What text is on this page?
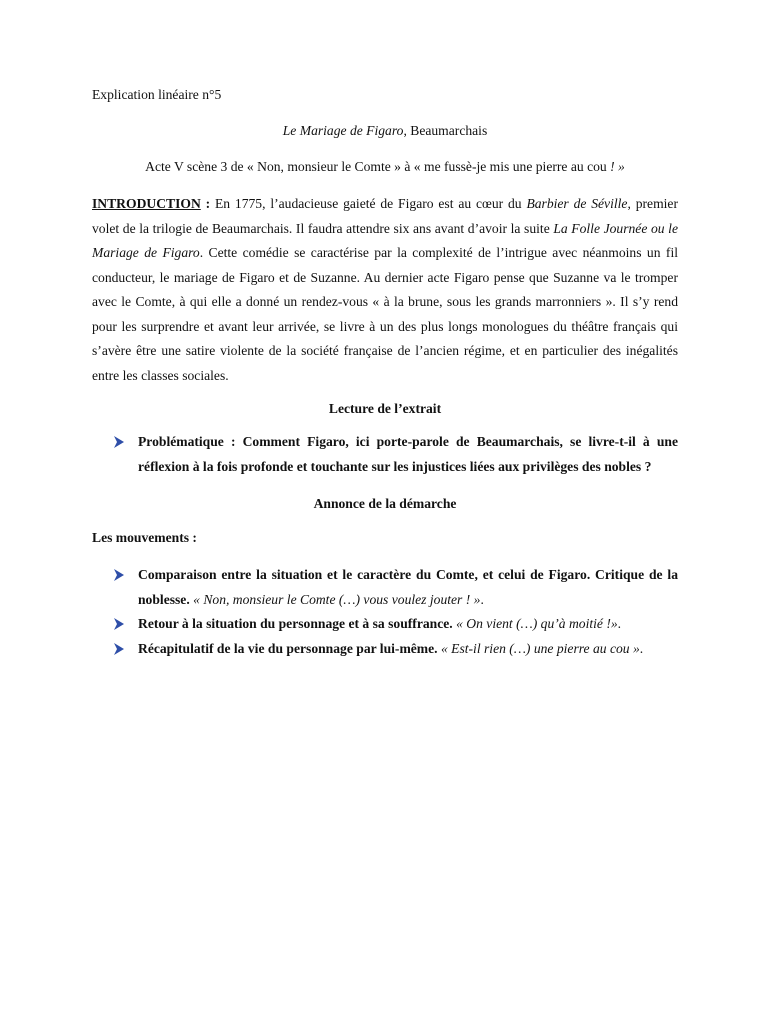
Explication linéaire n°5

Le Mariage de Figaro, Beaumarchais

Acte V scène 3 de « Non, monsieur le Comte » à « me fussè-je mis une pierre au cou ! »

INTRODUCTION : En 1775, l’audacieuse gaieté de Figaro est au cœur du Barbier de Séville, premier volet de la trilogie de Beaumarchais. Il faudra attendre six ans avant d’avoir la suite La Folle Journée ou le Mariage de Figaro. Cette comédie se caractérise par la complexité de l’intrigue avec néanmoins un fil conducteur, le mariage de Figaro et de Suzanne. Au dernier acte Figaro pense que Suzanne va le tromper avec le Comte, à qui elle a donné un rendez-vous « à la brune, sous les grands marronniers ». Il s’y rend pour les surprendre et avant leur arrivée, se livre à un des plus longs monologues du théâtre français qui s’avère être une satire violente de la société française de l’ancien régime, et en particulier des inégalités entre les classes sociales.

Lecture de l’extrait

Problématique : Comment Figaro, ici porte-parole de Beaumarchais, se livre-t-il à une réflexion à la fois profonde et touchante sur les injustices liées aux privilèges des nobles ?

Annonce de la démarche

Les mouvements :

Comparaison entre la situation et le caractère du Comte, et celui de Figaro. Critique de la noblesse. « Non, monsieur le Comte (…) vous voulez jouter ! ».
Retour à la situation du personnage et à sa souffrance. « On vient (…) qu’à moitié !».
Récapitulatif de la vie du personnage par lui-même. « Est-il rien (…) une pierre au cou ».
